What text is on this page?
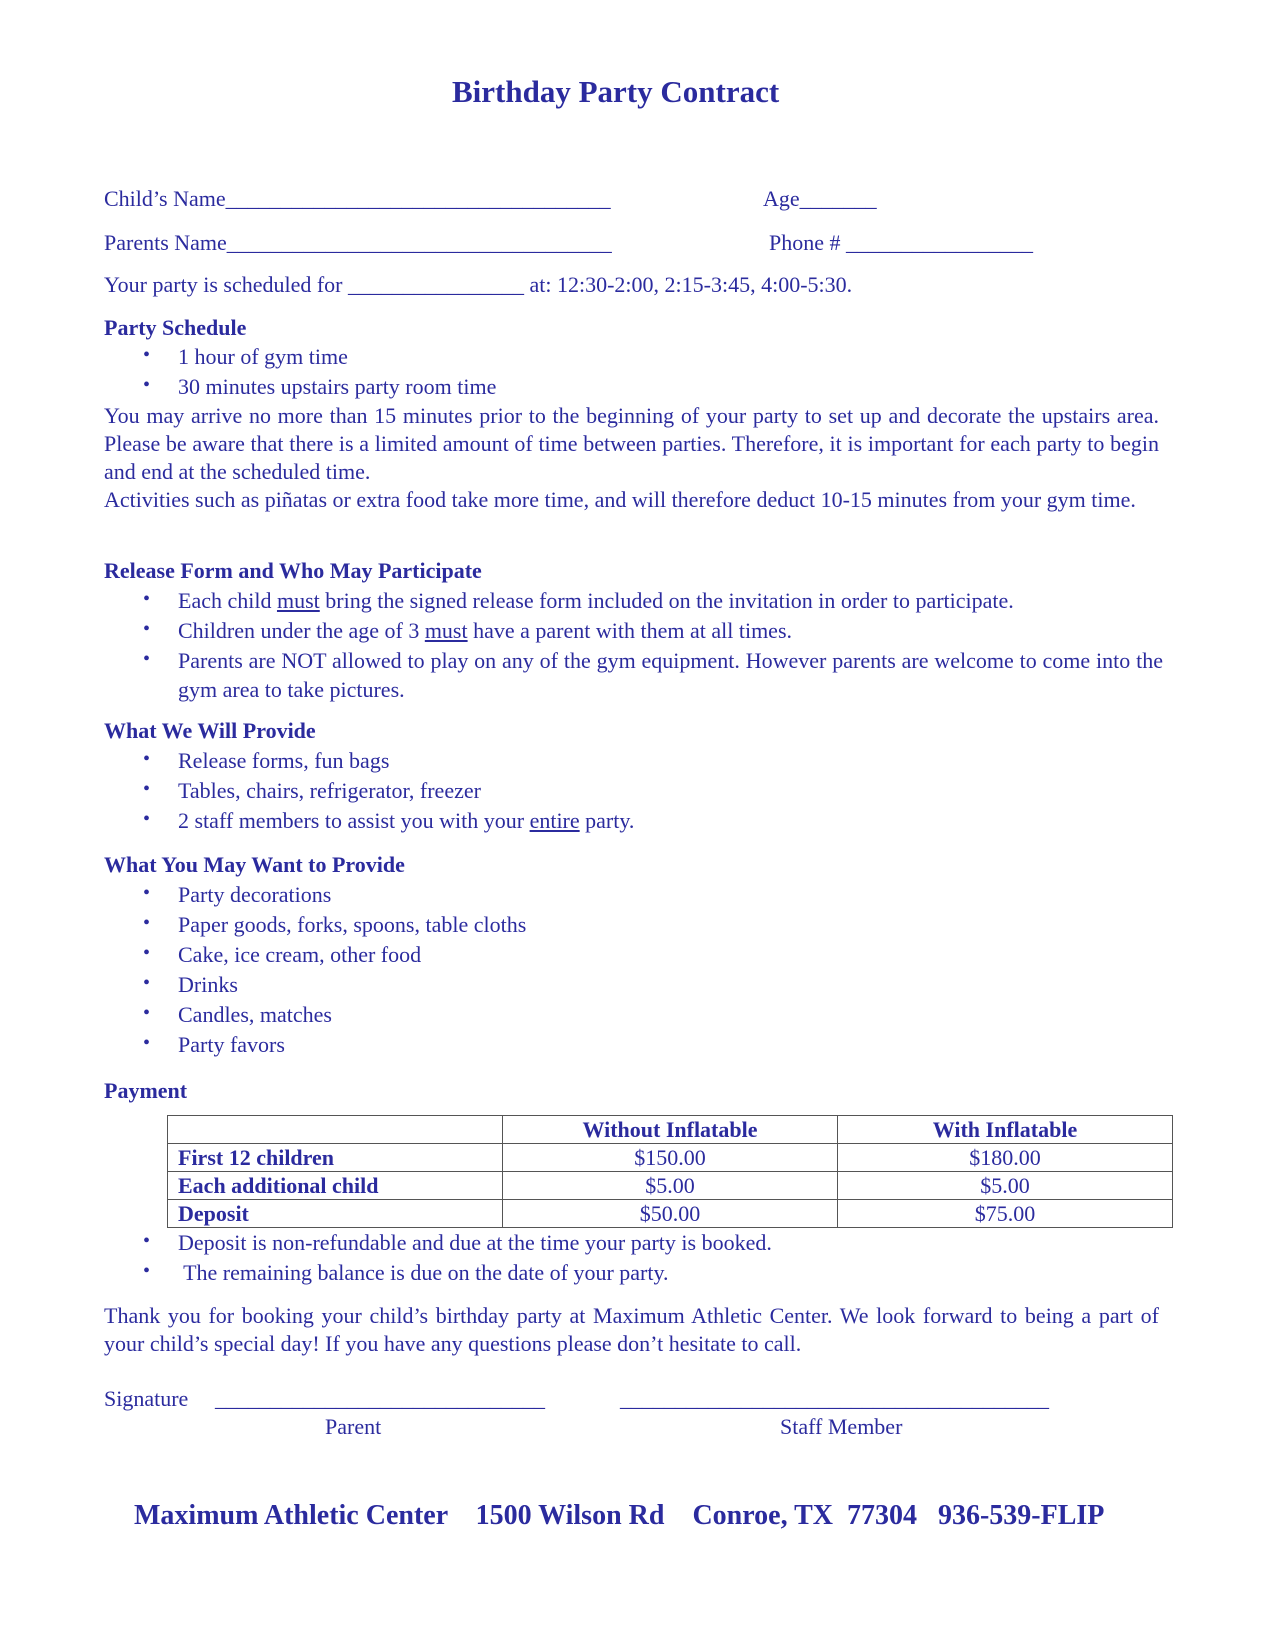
Birthday Party Contract
Child’s Name___________________________________	Age_______
Parents Name___________________________________	Phone # _________________
Your party is scheduled for ________________ at: 12:30-2:00, 2:15-3:45, 4:00-5:30.
Party Schedule
• 1 hour of gym time
• 30 minutes upstairs party room time
You may arrive no more than 15 minutes prior to the beginning of your party to set up and decorate the upstairs area. Please be aware that there is a limited amount of time between parties. Therefore, it is important for each party to begin and end at the scheduled time.
Activities such as piñatas or extra food take more time, and will therefore deduct 10-15 minutes from your gym time.
Release Form and Who May Participate
• Each child must bring the signed release form included on the invitation in order to participate.
• Children under the age of 3 must have a parent with them at all times.
• Parents are NOT allowed to play on any of the gym equipment. However parents are welcome to come into the gym area to take pictures.
What We Will Provide
• Release forms, fun bags
• Tables, chairs, refrigerator, freezer
• 2 staff members to assist you with your entire party.
What You May Want to Provide
• Party decorations
• Paper goods, forks, spoons, table cloths
• Cake, ice cream, other food
• Drinks
• Candles, matches
• Party favors
Payment
	Without Inflatable	With Inflatable
First 12 children	$150.00	$180.00
Each additional child	$5.00	$5.00
Deposit	$50.00	$75.00
• Deposit is non-refundable and due at the time your party is booked.
• The remaining balance is due on the date of your party.
Thank you for booking your child’s birthday party at Maximum Athletic Center. We look forward to being a part of your child’s special day! If you have any questions please don’t hesitate to call.
Signature ______________________________	_______________________________________
Parent	Staff Member
Maximum Athletic Center    1500 Wilson Rd    Conroe, TX  77304   936-539-FLIP
